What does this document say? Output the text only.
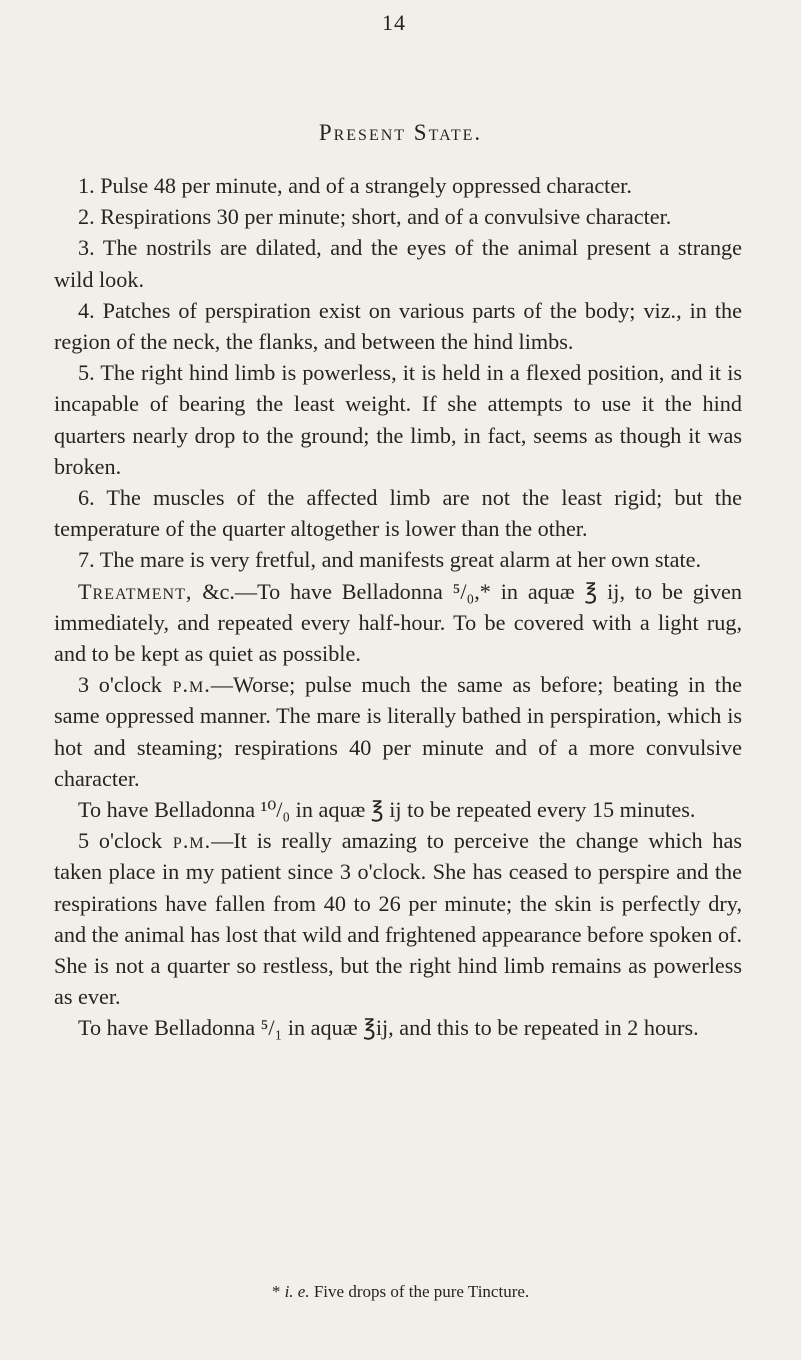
14
Present State.

1. Pulse 48 per minute, and of a strangely oppressed character.

2. Respirations 30 per minute; short, and of a convulsive character.

3. The nostrils are dilated, and the eyes of the animal present a strange wild look.

4. Patches of perspiration exist on various parts of the body; viz., in the region of the neck, the flanks, and between the hind limbs.

5. The right hind limb is powerless, it is held in a flexed position, and it is incapable of bearing the least weight. If she attempts to use it the hind quarters nearly drop to the ground; the limb, in fact, seems as though it was broken.

6. The muscles of the affected limb are not the least rigid; but the temperature of the quarter altogether is lower than the other.

7. The mare is very fretful, and manifests great alarm at her own state.

Treatment, &c.—To have Belladonna ⁵/₀,* in aquæ ℥ ij, to be given immediately, and repeated every half-hour. To be covered with a light rug, and to be kept as quiet as possible.

3 o'clock p.m.—Worse; pulse much the same as before; beating in the same oppressed manner. The mare is literally bathed in perspiration, which is hot and steaming; respirations 40 per minute and of a more convulsive character.

To have Belladonna ¹⁰/₀ in aquæ ℥ ij to be repeated every 15 minutes.

5 o'clock p.m.—It is really amazing to perceive the change which has taken place in my patient since 3 o'clock. She has ceased to perspire and the respirations have fallen from 40 to 26 per minute; the skin is perfectly dry, and the animal has lost that wild and frightened appearance before spoken of. She is not a quarter so restless, but the right hind limb remains as powerless as ever.

To have Belladonna ⁵/₁ in aquæ ℥ij, and this to be repeated in 2 hours.

* i. e. Five drops of the pure Tincture.
